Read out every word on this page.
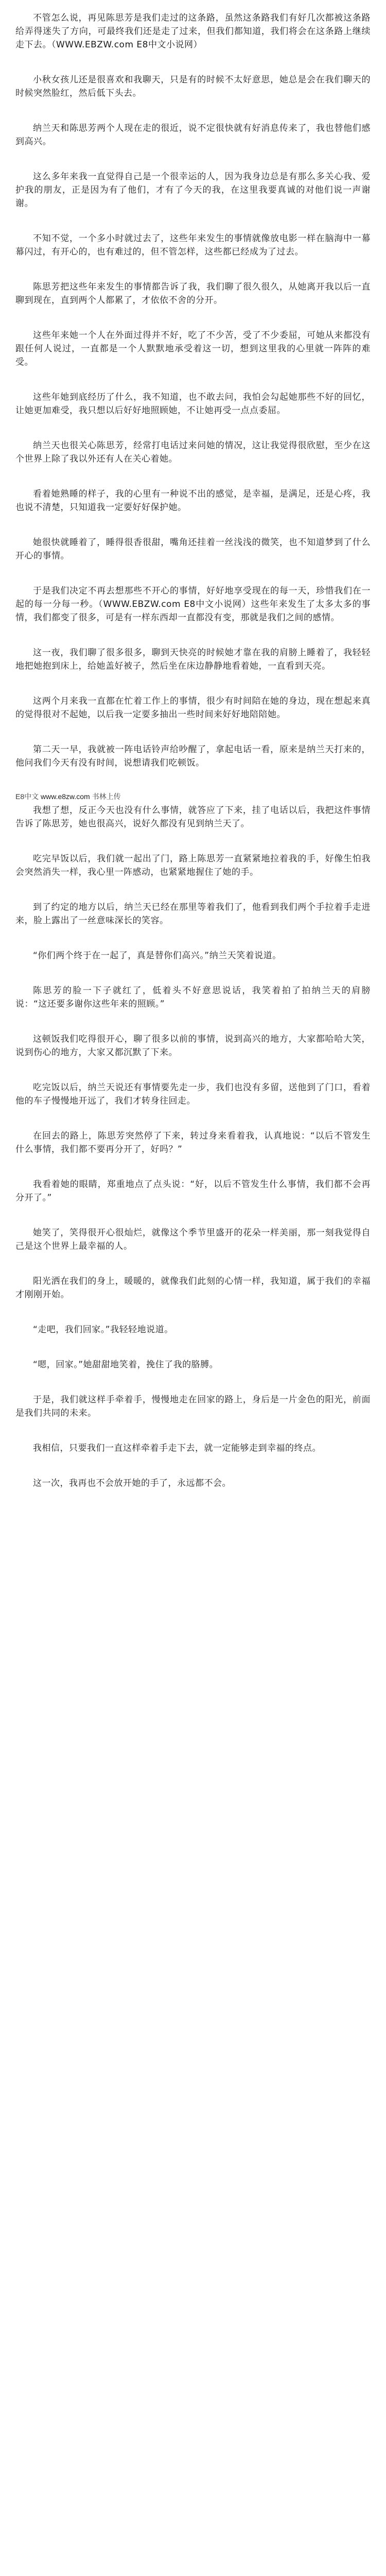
不管怎么说，再见陈思芳是我们走过的这条路，虽然这条路我们有好几次都被这条路给弄得迷失了方向，可最终我们还是走了过来，但我们都知道，我们将会在这条路上继续走下去。（WWW.EBZW.com E8中文小说网）

小秋女孩儿还是很喜欢和我聊天，只是有的时候不太好意思，她总是会在我们聊天的时候突然脸红，然后低下头去。

纳兰天和陈思芳两个人现在走的很近，说不定很快就有好消息传来了，我也替他们感到高兴。

这么多年来我一直觉得自己是一个很幸运的人，因为我身边总是有那么多关心我、爱护我的朋友，正是因为有了他们，才有了今天的我，在这里我要真诚的对他们说一声谢谢。

不知不觉，一个多小时就过去了，这些年来发生的事情就像放电影一样在脑海中一幕幕闪过，有开心的，也有难过的，但不管怎样，这些都已经成为了过去。

陈思芳把这些年来发生的事情都告诉了我，我们聊了很久很久，从她离开我以后一直聊到现在，直到两个人都累了，才依依不舍的分开。

这些年来她一个人在外面过得并不好，吃了不少苦，受了不少委屈，可她从来都没有跟任何人说过，一直都是一个人默默地承受着这一切，想到这里我的心里就一阵阵的难受。

这些年她到底经历了什么，我不知道，也不敢去问，我怕会勾起她那些不好的回忆，让她更加难受，我只想以后好好地照顾她，不让她再受一点点委屈。

纳兰天也很关心陈思芳，经常打电话过来问她的情况，这让我觉得很欣慰，至少在这个世界上除了我以外还有人在关心着她。

看着她熟睡的样子，我的心里有一种说不出的感觉，是幸福，是满足，还是心疼，我也说不清楚，只知道我一定要好好保护她。

她很快就睡着了，睡得很香很甜，嘴角还挂着一丝浅浅的微笑，也不知道梦到了什么开心的事情。

于是我们决定不再去想那些不开心的事情，好好地享受现在的每一天，珍惜我们在一起的每一分每一秒。（WWW.EBZW.com E8中文小说网）这些年来发生了太多太多的事情，我们都变了很多，可是有一样东西却一直都没有变，那就是我们之间的感情。

这一夜，我们聊了很多很多，聊到天快亮的时候她才靠在我的肩膀上睡着了，我轻轻地把她抱到床上，给她盖好被子，然后坐在床边静静地看着她，一直看到天亮。

这两个月来我一直都在忙着工作上的事情，很少有时间陪在她的身边，现在想起来真的觉得很对不起她，以后我一定要多抽出一些时间来好好地陪陪她。

第二天一早，我就被一阵电话铃声给吵醒了，拿起电话一看，原来是纳兰天打来的，他问我们今天有没有时间，说想请我们吃顿饭。

E8中文 www.e8zw.com 书林上传

我想了想，反正今天也没有什么事情，就答应了下来，挂了电话以后，我把这件事情告诉了陈思芳，她也很高兴，说好久都没有见到纳兰天了。

吃完早饭以后，我们就一起出了门，路上陈思芳一直紧紧地拉着我的手，好像生怕我会突然消失一样，我心里一阵感动，也紧紧地握住了她的手。

到了约定的地方以后，纳兰天已经在那里等着我们了，他看到我们两个手拉着手走进来，脸上露出了一丝意味深长的笑容。

“你们两个终于在一起了，真是替你们高兴。”纳兰天笑着说道。

陈思芳的脸一下子就红了，低着头不好意思说话，我笑着拍了拍纳兰天的肩膀说：“这还要多谢你这些年来的照顾。”

这顿饭我们吃得很开心，聊了很多以前的事情，说到高兴的地方，大家都哈哈大笑，说到伤心的地方，大家又都沉默了下来。

吃完饭以后，纳兰天说还有事情要先走一步，我们也没有多留，送他到了门口，看着他的车子慢慢地开远了，我们才转身往回走。

在回去的路上，陈思芳突然停了下来，转过身来看着我，认真地说：“以后不管发生什么事情，我们都不要再分开了，好吗？”

我看着她的眼睛，郑重地点了点头说：“好，以后不管发生什么事情，我们都不会再分开了。”

她笑了，笑得很开心很灿烂，就像这个季节里盛开的花朵一样美丽，那一刻我觉得自己是这个世界上最幸福的人。

阳光洒在我们的身上，暖暖的，就像我们此刻的心情一样，我知道，属于我们的幸福才刚刚开始。

“走吧，我们回家。”我轻轻地说道。

“嗯，回家。”她甜甜地笑着，挽住了我的胳膊。

于是，我们就这样手牵着手，慢慢地走在回家的路上，身后是一片金色的阳光，前面是我们共同的未来。

我相信，只要我们一直这样牵着手走下去，就一定能够走到幸福的终点。

这一次，我再也不会放开她的手了，永远都不会。
